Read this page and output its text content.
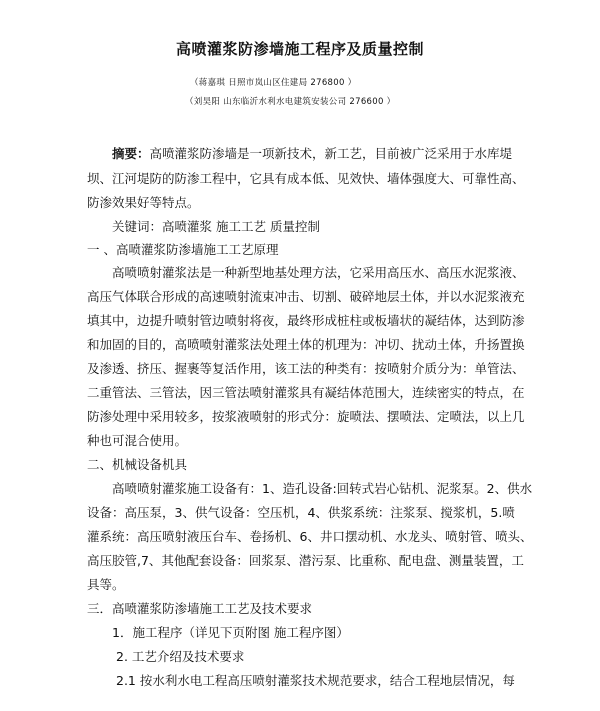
高喷灌浆防渗墙施工程序及质量控制
（蒋嘉琪 日照市岚山区住建局 276800 ）
（刘昊阳 山东临沂水利水电建筑安装公司 276600 ）
摘要：高喷灌浆防渗墙是一项新技术，新工艺，目前被广泛采用于水库堤
坝、江河堤防的防渗工程中，它具有成本低、见效快、墙体强度大、可靠性高、
防渗效果好等特点。
关键词：高喷灌浆 施工工艺 质量控制
一 、高喷灌浆防渗墙施工工艺原理
高喷喷射灌浆法是一种新型地基处理方法，它采用高压水、高压水泥浆液、
高压气体联合形成的高速喷射流束冲击、切割、破碎地层土体，并以水泥浆液充
填其中，边提升喷射管边喷射将夜，最终形成桩柱或板墙状的凝结体，达到防渗
和加固的目的，高喷喷射灌浆法处理土体的机理为：冲切、扰动土体，升扬置换
及渗透、挤压、握裹等复活作用，该工法的种类有：按喷射介质分为：单管法、
二重管法、三管法，因三管法喷射灌浆具有凝结体范围大，连续密实的特点，在
防渗处理中采用较多，按浆液喷射的形式分：旋喷法、摆喷法、定喷法，以上几
种也可混合使用。
二、机械设备机具
高喷喷射灌浆施工设备有：1、造孔设备:回转式岩心钻机、泥浆泵。2、供水
设备：高压泵，3、供气设备：空压机，4、供浆系统：注浆泵、搅浆机，5.喷
灌系统：高压喷射液压台车、卷扬机、6、井口摆动机、水龙头、喷射管、喷头、
高压胶管,7、其他配套设备：回浆泵、潜污泵、比重称、配电盘、测量装置，工
具等。
三．高喷灌浆防渗墙施工工艺及技术要求
1．施工程序（详见下页附图 施工程序图）
2. 工艺介绍及技术要求
2.1 按水利水电工程高压喷射灌浆技术规范要求，结合工程地层情况，每
